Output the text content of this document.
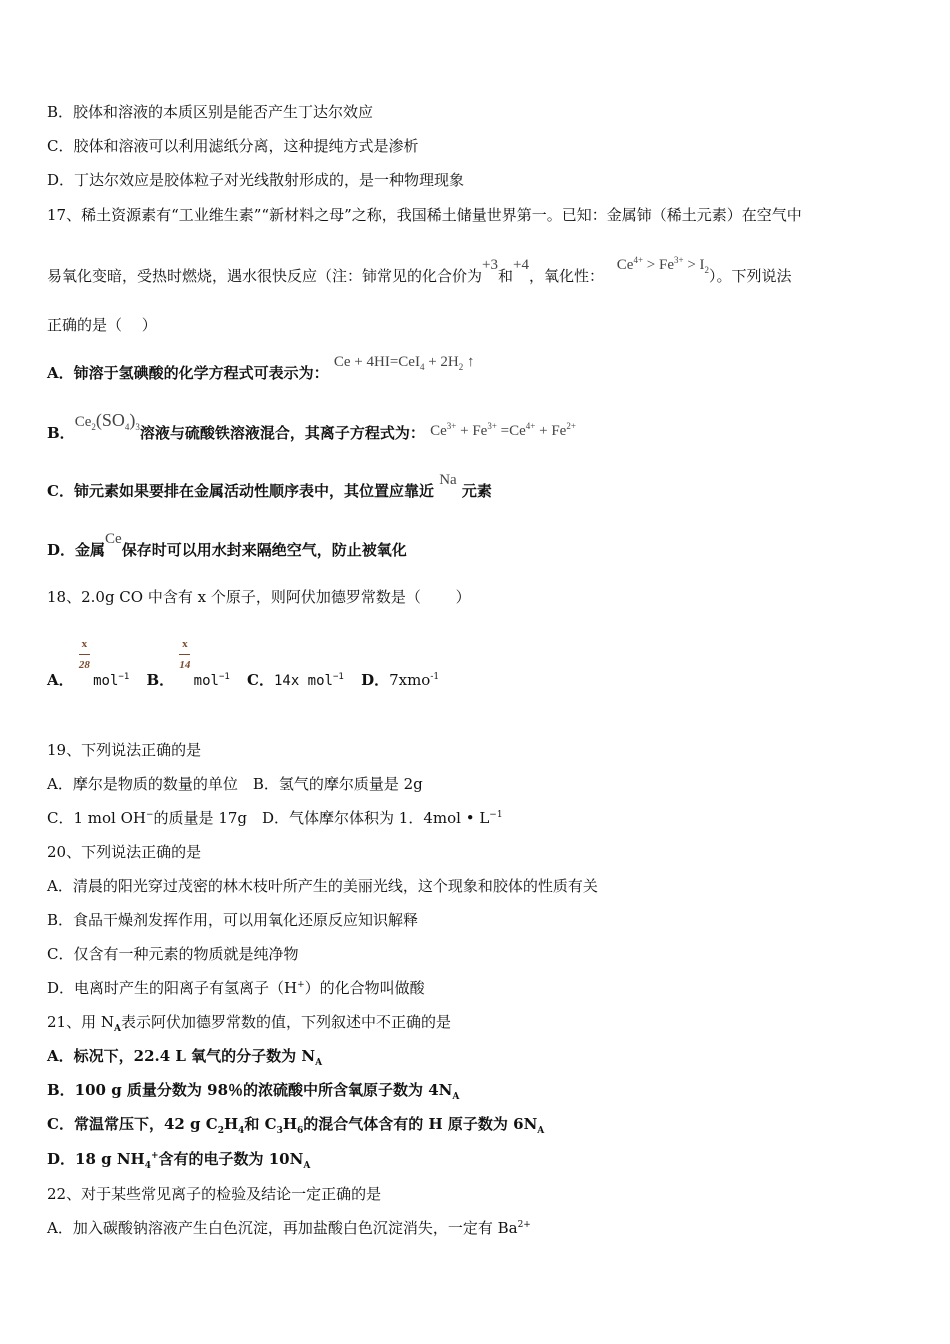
B．胶体和溶液的本质区别是能否产生丁达尔效应
C．胶体和溶液可以利用滤纸分离，这种提纯方式是渗析
D．丁达尔效应是胶体粒子对光线散射形成的，是一种物理现象
17、稀土资源素有“工业维生素”“新材料之母”之称，我国稀土储量世界第一。已知：金属铈（稀土元素）在空气中
易氧化变暗，受热时燃烧，遇水很快反应（注：铈常见的化合价为+3和+4，氧化性： $Ce^{4+} > Fe^{3+} > I_2$）。下列说法
正确的是（　 ）
A．铈溶于氢碘酸的化学方程式可表示为： $Ce + 4HI=CeI_4 + 2H_2$ ↑
B．$Ce_2(SO_4)_3$溶液与硫酸铁溶液混合，其离子方程式为： $Ce^{3+} + Fe^{3+} =Ce^{4+} + Fe^{2+}$
C．铈元素如果要排在金属活动性顺序表中，其位置应靠近 Na 元素
D．金属Ce保存时可以用水封来隔绝空气，防止被氧化
18、2.0g CO 中含有 x 个原子，则阿伏加德罗常数是（　　 ）
A．
$\frac{x}{28}$
mol$^{-1}$ B．
$\frac{x}{14}$
mol$^{-1}$ C．14x mol$^{-1}$ D．7xmo$^{-1}$
19、下列说法正确的是
A．摩尔是物质的数量的单位　B．氢气的摩尔质量是 2g
C．1 mol OH−的质量是 17g　D．气体摩尔体积为 1．4mol • $L^{-1}$
20、下列说法正确的是
A．清晨的阳光穿过茂密的林木枝叶所产生的美丽光线，这个现象和胶体的性质有关
B．食品干燥剂发挥作用，可以用氧化还原反应知识解释
C．仅含有一种元素的物质就是纯净物
D．电离时产生的阳离子有氢离子（H+）的化合物叫做酸
21、用 $N_A$表示阿伏加德罗常数的值，下列叙述中不正确的是
A．标况下，22.4 L 氧气的分子数为 $N_A$
B．100 g 质量分数为 98％的浓硫酸中所含氧原子数为 $4N_A$
C．常温常压下，42 g $C_2H_4$和 $C_3H_6$的混合气体含有的 H 原子数为 $6N_A$
D．18 g $NH_4^+$含有的电子数为 $10N_A$
22、对于某些常见离子的检验及结论一定正确的是
A．加入碳酸钠溶液产生白色沉淀，再加盐酸白色沉淀消失，一定有 $Ba^{2+}$
